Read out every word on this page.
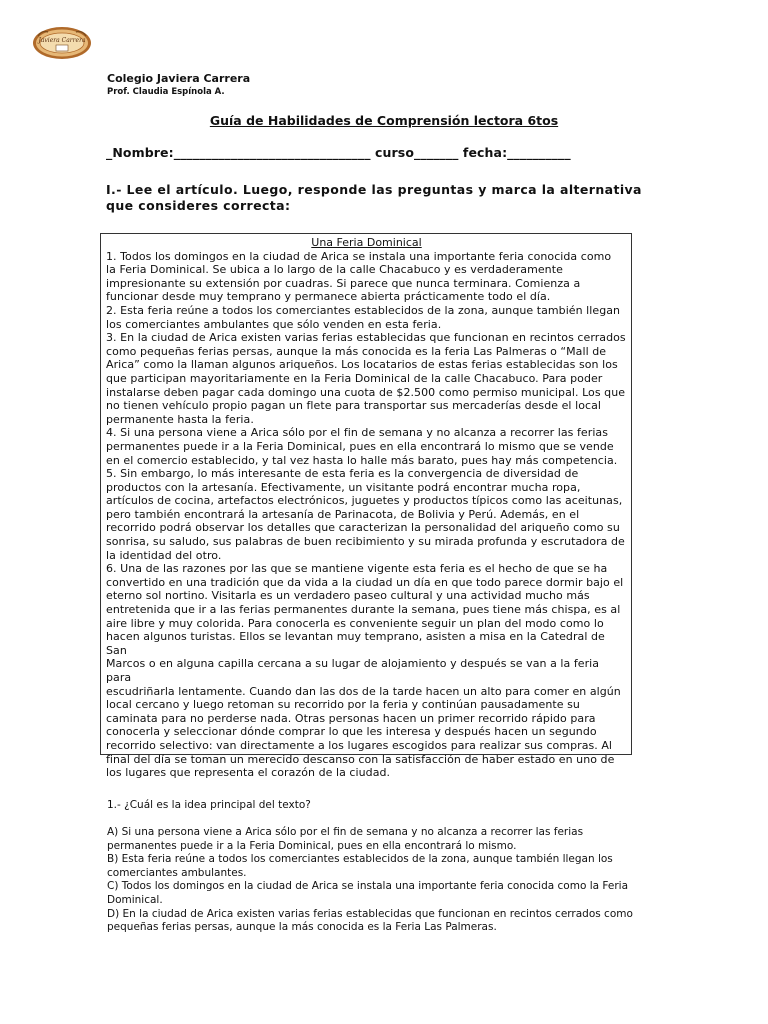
Javiera Carrera
Colegio Javiera Carrera
Prof. Claudia Espínola A.
Guía de Habilidades de Comprensión lectora 6tos
_Nombre:_______________________________ curso_______ fecha:__________
I.- Lee el artículo. Luego, responde las preguntas y marca la alternativa que consideres correcta:
Una Feria Dominical
1. Todos los domingos en la ciudad de Arica se instala una importante feria conocida como
la Feria Dominical. Se ubica a lo largo de la calle Chacabuco y es verdaderamente
impresionante su extensión por cuadras. Si parece que nunca terminara. Comienza a
funcionar desde muy temprano y permanece abierta prácticamente todo el día.
2. Esta feria reúne a todos los comerciantes establecidos de la zona, aunque también llegan
los comerciantes ambulantes que sólo venden en esta feria.
3. En la ciudad de Arica existen varias ferias establecidas que funcionan en recintos cerrados
como pequeñas ferias persas, aunque la más conocida es la feria Las Palmeras o “Mall de
Arica” como la llaman algunos ariqueños. Los locatarios de estas ferias establecidas son los
que participan mayoritariamente en la Feria Dominical de la calle Chacabuco. Para poder
instalarse deben pagar cada domingo una cuota de $2.500 como permiso municipal. Los que
no tienen vehículo propio pagan un flete para transportar sus mercaderías desde el local
permanente hasta la feria.
4. Si una persona viene a Arica sólo por el fin de semana y no alcanza a recorrer las ferias
permanentes puede ir a la Feria Dominical, pues en ella encontrará lo mismo que se vende
en el comercio establecido, y tal vez hasta lo halle más barato, pues hay más competencia.
5. Sin embargo, lo más interesante de esta feria es la convergencia de diversidad de
productos con la artesanía. Efectivamente, un visitante podrá encontrar mucha ropa,
artículos de cocina, artefactos electrónicos, juguetes y productos típicos como las aceitunas,
pero también encontrará la artesanía de Parinacota, de Bolivia y Perú. Además, en el
recorrido podrá observar los detalles que caracterizan la personalidad del ariqueño como su
sonrisa, su saludo, sus palabras de buen recibimiento y su mirada profunda y escrutadora de
la identidad del otro.
6. Una de las razones por las que se mantiene vigente esta feria es el hecho de que se ha
convertido en una tradición que da vida a la ciudad un día en que todo parece dormir bajo el
eterno sol nortino. Visitarla es un verdadero paseo cultural y una actividad mucho más
entretenida que ir a las ferias permanentes durante la semana, pues tiene más chispa, es al
aire libre y muy colorida. Para conocerla es conveniente seguir un plan del modo como lo
hacen algunos turistas. Ellos se levantan muy temprano, asisten a misa en la Catedral de San
Marcos o en alguna capilla cercana a su lugar de alojamiento y después se van a la feria para
escudriñarla lentamente. Cuando dan las dos de la tarde hacen un alto para comer en algún
local cercano y luego retoman su recorrido por la feria y continúan pausadamente su
caminata para no perderse nada. Otras personas hacen un primer recorrido rápido para
conocerla y seleccionar dónde comprar lo que les interesa y después hacen un segundo
recorrido selectivo: van directamente a los lugares escogidos para realizar sus compras. Al
final del día se toman un merecido descanso con la satisfacción de haber estado en uno de
los lugares que representa el corazón de la ciudad.
1.- ¿Cuál es la idea principal del texto?
A) Si una persona viene a Arica sólo por el fin de semana y no alcanza a recorrer las ferias
permanentes puede ir a la Feria Dominical, pues en ella encontrará lo mismo.
B) Esta feria reúne a todos los comerciantes establecidos de la zona, aunque también llegan los
comerciantes ambulantes.
C) Todos los domingos en la ciudad de Arica se instala una importante feria conocida como la Feria
Dominical.
D) En la ciudad de Arica existen varias ferias establecidas que funcionan en recintos cerrados como
pequeñas ferias persas, aunque la más conocida es la Feria Las Palmeras.
